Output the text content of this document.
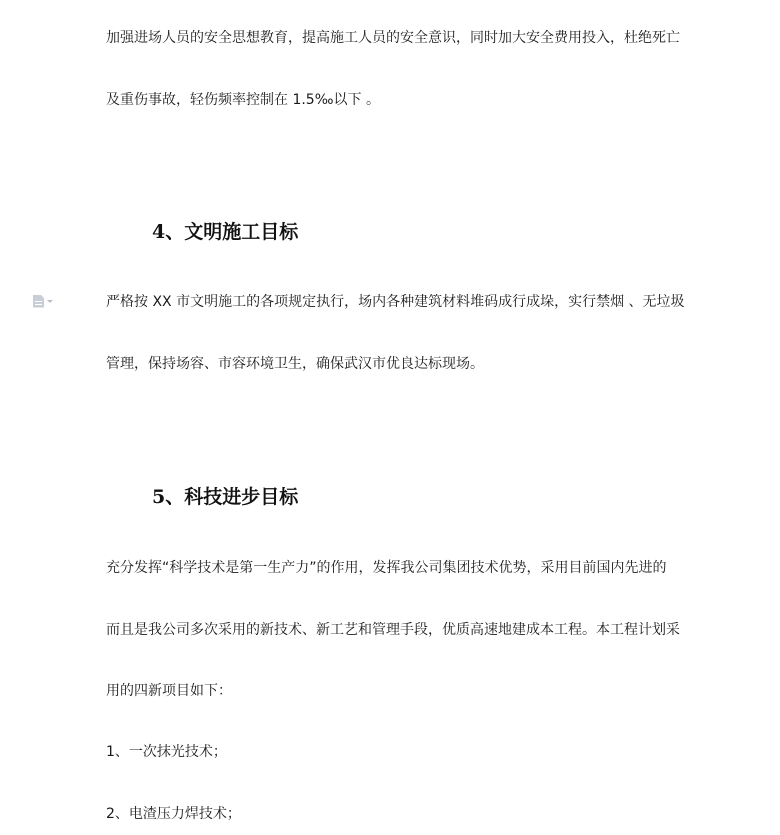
加强进场人员的安全思想教育，提高施工人员的安全意识，同时加大安全费用投入，杜绝死亡
及重伤事故，轻伤频率控制在 1.5‰以下 。
4、文明施工目标
严格按 XX 市文明施工的各项规定执行，场内各种建筑材料堆码成行成垛，实行禁烟 、无垃圾
管理，保持场容、市容环境卫生，确保武汉市优良达标现场。
5、科技进步目标
充分发挥“科学技术是第一生产力”的作用，发挥我公司集团技术优势，采用目前国内先进的
而且是我公司多次采用的新技术、新工艺和管理手段，优质高速地建成本工程。本工程计划采
用的四新项目如下：
1、一次抹光技术；
2、电渣压力焊技术；
